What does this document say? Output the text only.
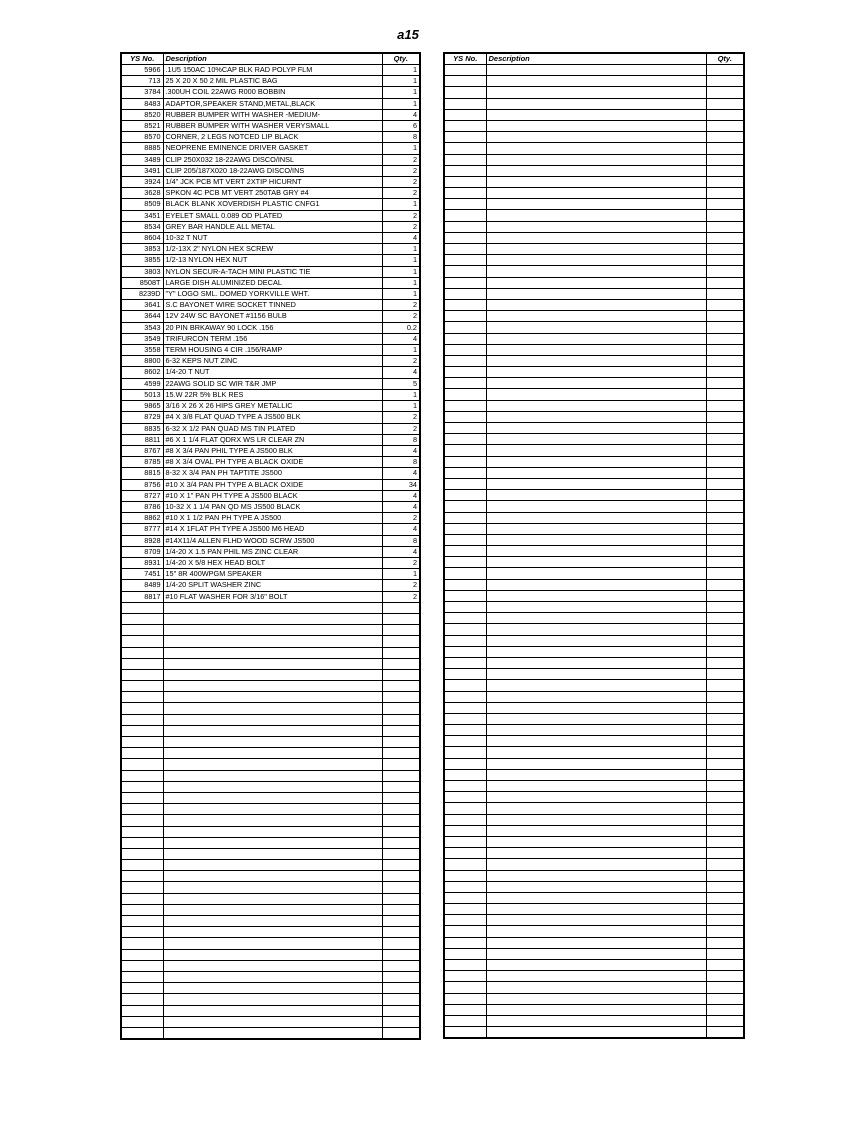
a15
YS No.	Description	Qty.
5966	.1U5 150AC 10%CAP BLK RAD POLYP FLM	1
713	25 X 20 X 50 2 MIL PLASTIC BAG	1
3784	.300UH COIL 22AWG R000 BOBBIN	1
8483	ADAPTOR,SPEAKER STAND,METAL,BLACK	1
8520	RUBBER BUMPER WITH WASHER -MEDIUM-	4
8521	RUBBER BUMPER WITH WASHER VERYSMALL	6
8570	CORNER, 2 LEGS NOTCED LIP BLACK	8
8885	NEOPRENE EMINENCE DRIVER GASKET	1
3489	CLIP 250X032 18-22AWG DISCO/INSL	2
3491	CLIP 205/187X020 18-22AWG DISCO/INS	2
3924	1/4" JCK PCB MT VERT 2XTIP HICURNT	2
3628	SPKON 4C PCB MT VERT 250TAB GRY #4	2
8509	BLACK BLANK XOVERDISH PLASTIC CNFG1	1
3451	EYELET SMALL 0.089 OD PLATED	2
8534	GREY BAR HANDLE ALL METAL	2
8604	10-32 T NUT	4
3853	1/2-13X 2" NYLON HEX SCREW	1
3855	1/2-13 NYLON HEX NUT	1
3803	NYLON SECUR-A-TACH MINI PLASTIC TIE	1
8508T	LARGE DISH ALUMINIZED DECAL	1
8239D	"Y" LOGO SML. DOMED YORKVILLE WHT.	1
3641	S.C BAYONET WIRE SOCKET TINNED	2
3644	12V 24W SC BAYONET #1156 BULB	2
3543	20 PIN BRKAWAY 90 LOCK .156	0.2
3549	TRIFURCON TERM .156	4
3558	TERM HOUSING 4 CIR .156/RAMP	1
8800	6-32 KEPS NUT ZINC	2
8602	1/4-20 T NUT	4
4599	22AWG SOLID SC WIR T&R JMP	5
5013	15.W 22R 5% BLK RES	1
9865	3/16 X 26 X 26 HIPS GREY METALLIC	1
8729	#4 X 3/8 FLAT QUAD TYPE A JS500 BLK	2
8835	6-32 X 1/2 PAN QUAD MS TIN PLATED	2
8811	#6 X 1 1/4 FLAT QDRX WS LR CLEAR ZN	8
8767	#8 X 3/4 PAN PHIL TYPE A JS500 BLK	4
8785	#8 X 3/4 OVAL PH TYPE A BLACK OXIDE	8
8815	8-32 X 3/4 PAN PH TAPTITE JS500	4
8756	#10 X 3/4 PAN PH TYPE A BLACK OXIDE	34
8727	#10 X 1" PAN PH TYPE A JS500 BLACK	4
8786	10-32 X 1 1/4 PAN QD MS JS500 BLACK	4
8862	#10 X 1 1/2 PAN PH TYPE A JS500	2
8777	#14 X 1FLAT PH TYPE A JS500 M6 HEAD	4
8928	#14X11/4 ALLEN FLHD WOOD SCRW JS500	8
8709	1/4-20 X 1.5 PAN PHIL MS ZINC CLEAR	4
8931	1/4-20 X 5/8 HEX HEAD BOLT	2
7451	15" 8R 400WPGM SPEAKER	1
8489	1/4-20 SPLIT WASHER ZINC	2
8817	#10 FLAT WASHER FOR 3/16" BOLT	2

YS No.	Description	Qty.
